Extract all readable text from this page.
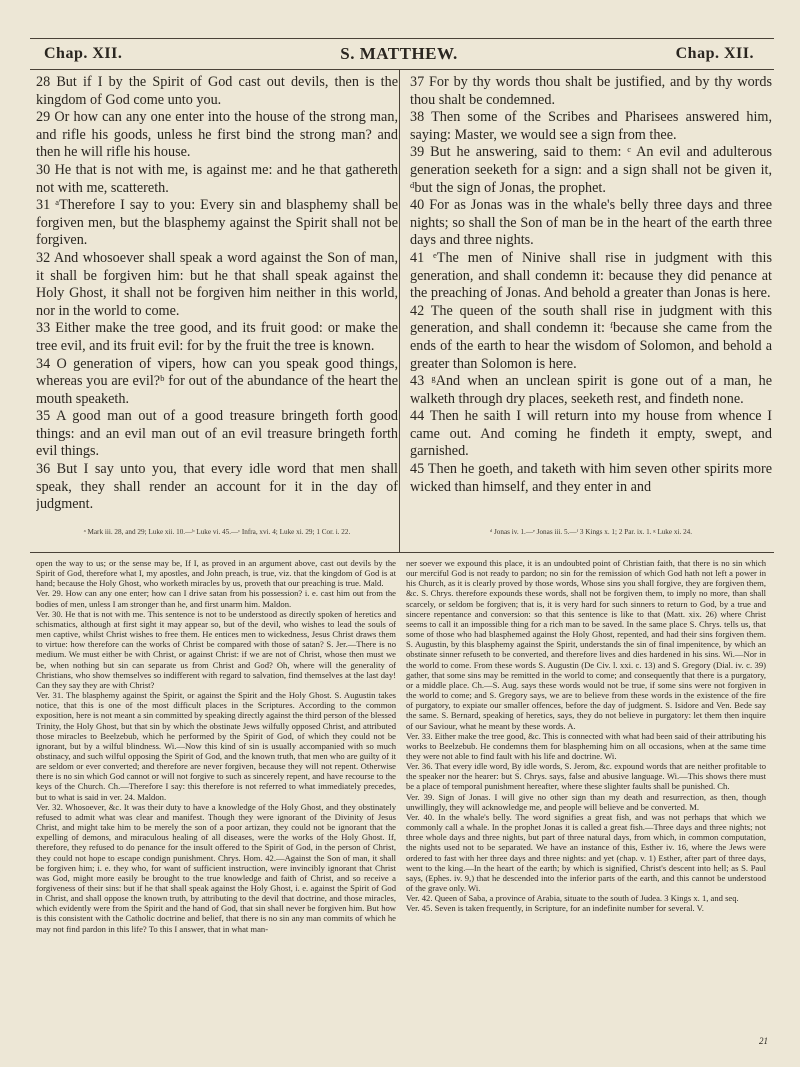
Chap. XII.	S. MATTHEW.	Chap. XII.

28 But if I by the Spirit of God cast out devils, then is the kingdom of God come unto you.

29 Or how can any one enter into the house of the strong man, and rifle his goods, unless he first bind the strong man? and then he will rifle his house.

30 He that is not with me, is against me: and he that gathereth not with me, scattereth.

31 ᵃTherefore I say to you: Every sin and blasphemy shall be forgiven men, but the blasphemy against the Spirit shall not be forgiven.

32 And whosoever shall speak a word against the Son of man, it shall be forgiven him: but he that shall speak against the Holy Ghost, it shall not be forgiven him neither in this world, nor in the world to come.

33 Either make the tree good, and its fruit good: or make the tree evil, and its fruit evil: for by the fruit the tree is known.

34 O generation of vipers, how can you speak good things, whereas you are evil?ᵇ for out of the abundance of the heart the mouth speaketh.

35 A good man out of a good treasure bringeth forth good things: and an evil man out of an evil treasure bringeth forth evil things.

36 But I say unto you, that every idle word that men shall speak, they shall render an account for it in the day of judgment.

37 For by thy words thou shalt be justified, and by thy words thou shalt be condemned.

38 Then some of the Scribes and Pharisees answered him, saying: Master, we would see a sign from thee.

39 But he answering, said to them: ᶜ An evil and adulterous generation seeketh for a sign: and a sign shall not be given it, ᵈbut the sign of Jonas, the prophet.

40 For as Jonas was in the whale's belly three days and three nights; so shall the Son of man be in the heart of the earth three days and three nights.

41 ᵉThe men of Ninive shall rise in judgment with this generation, and shall condemn it: because they did penance at the preaching of Jonas. And behold a greater than Jonas is here.

42 The queen of the south shall rise in judgment with this generation, and shall condemn it: ᶠbecause she came from the ends of the earth to hear the wisdom of Solomon, and behold a greater than Solomon is here.

43 ᵍAnd when an unclean spirit is gone out of a man, he walketh through dry places, seeketh rest, and findeth none.

44 Then he saith I will return into my house from whence I came out. And coming he findeth it empty, swept, and garnished.

45 Then he goeth, and taketh with him seven other spirits more wicked than himself, and they enter in and

ᵃ Mark iii. 28, and 29; Luke xii. 10.—ᵇ Luke vi. 45.—ᶜ Infra, xvi. 4; Luke xi. 29; 1 Cor. i. 22.	ᵈ Jonas iv. 1.—ᵉ Jonas iii. 5.—ᶠ 3 Kings x. 1; 2 Par. ix. 1. ᵍ Luke xi. 24.

open the way to us; or the sense may be, If I, as proved in an argument above, cast out devils by the Spirit of God, therefore what I, my apostles, and John preach, is true, viz. that the kingdom of God is at hand; because the Holy Ghost, who worketh miracles by us, proveth that our preaching is true. Mald.

Ver. 29. How can any one enter; how can I drive satan from his possession? i. e. cast him out from the bodies of men, unless I am stronger than he, and first unarm him. Maldon.

Ver. 30. He that is not with me. This sentence is not to be understood as directly spoken of heretics and schismatics, although at first sight it may appear so, but of the devil, who wishes to lead the souls of men captive, whilst Christ wishes to free them. He entices men to wickedness, Jesus Christ draws them to virtue: how therefore can the works of Christ be compared with those of satan? S. Jer.—There is no medium. We must either be with Christ, or against Christ: if we are not of Christ, whose then must we be, when nothing but sin can separate us from Christ and God? Oh, where will the generality of Christians, who show themselves so indifferent with regard to salvation, find themselves at the last day! Can they say they are with Christ?

Ver. 31. The blasphemy against the Spirit, or against the Spirit and the Holy Ghost. S. Augustin takes notice, that this is one of the most difficult places in the Scriptures. According to the common exposition, here is not meant a sin committed by speaking directly against the third person of the blessed Trinity, the Holy Ghost, but that sin by which the obstinate Jews wilfully opposed Christ, and attributed those miracles to Beelzebub, which he performed by the Spirit of God, of which they could not be ignorant, but by a wilful blindness. Wi.—Now this kind of sin is usually accompanied with so much obstinacy, and such wilful opposing the Spirit of God, and the known truth, that men who are guilty of it are seldom or ever converted; and therefore are never forgiven, because they will not repent. Otherwise there is no sin which God cannot or will not forgive to such as sincerely repent, and have recourse to the keys of the Church. Ch.—Therefore I say: this therefore is not referred to what immediately precedes, but to what is said in ver. 24. Maldon.

Ver. 32. Whosoever, &c. It was their duty to have a knowledge of the Holy Ghost, and they obstinately refused to admit what was clear and manifest. Though they were ignorant of the Divinity of Jesus Christ, and might take him to be merely the son of a poor artizan, they could not be ignorant that the expelling of demons, and miraculous healing of all diseases, were the works of the Holy Ghost. If, therefore, they refused to do penance for the insult offered to the Spirit of God, in the person of Christ, they could not hope to escape condign punishment. Chrys. Hom. 42.—Against the Son of man, it shall be forgiven him; i. e. they who, for want of sufficient instruction, were invincibly ignorant that Christ was God, might more easily be brought to the true knowledge and faith of Christ, and so receive a forgiveness of their sins: but if he that shall speak against the Holy Ghost, i. e. against the Spirit of God in Christ, and shall oppose the known truth, by attributing to the devil that doctrine, and those miracles, which evidently were from the Spirit and the hand of God, that sin shall never be forgiven him. But how is this consistent with the Catholic doctrine and belief, that there is no sin any man commits of which he may not find pardon in this life? To this I answer, that in what man-

ner soever we expound this place, it is an undoubted point of Christian faith, that there is no sin which our merciful God is not ready to pardon; no sin for the remission of which God hath not left a power in his Church, as it is clearly proved by those words, Whose sins you shall forgive, they are forgiven them, &c. S. Chrys. therefore expounds these words, shall not be forgiven them, to imply no more, than shall scarcely, or seldom be forgiven; that is, it is very hard for such sinners to return to God, by a true and sincere repentance and conversion: so that this sentence is like to that (Matt. xix. 26) where Christ seems to call it an impossible thing for a rich man to be saved. In the same place S. Chrys. tells us, that some of those who had blasphemed against the Holy Ghost, repented, and had their sins forgiven them. S. Augustin, by this blasphemy against the Spirit, understands the sin of final impenitence, by which an obstinate sinner refuseth to be converted, and therefore lives and dies hardened in his sins. Wi.—Nor in the world to come. From these words S. Augustin (De Civ. l. xxi. c. 13) and S. Gregory (Dial. iv. c. 39) gather, that some sins may be remitted in the world to come; and consequently that there is a purgatory, or a middle place. Ch.—S. Aug. says these words would not be true, if some sins were not forgiven in the world to come; and S. Gregory says, we are to believe from these words in the existence of the fire of purgatory, to expiate our smaller offences, before the day of judgment. S. Isidore and Ven. Bede say the same. S. Bernard, speaking of heretics, says, they do not believe in purgatory: let them then inquire of our Saviour, what he meant by these words. A.

Ver. 33. Either make the tree good, &c. This is connected with what had been said of their attributing his works to Beelzebub. He condemns them for blaspheming him on all occasions, when at the same time they were not able to find fault with his life and doctrine. Wi.

Ver. 36. That every idle word, By idle words, S. Jerom, &c. expound words that are neither profitable to the speaker nor the hearer: but S. Chrys. says, false and abusive language. Wi.—This shows there must be a place of temporal punishment hereafter, where these slighter faults shall be punished. Ch.

Ver. 39. Sign of Jonas. I will give no other sign than my death and resurrection, as then, though unwillingly, they will acknowledge me, and people will believe and be converted. M.

Ver. 40. In the whale's belly. The word signifies a great fish, and was not perhaps that which we commonly call a whale. In the prophet Jonas it is called a great fish.—Three days and three nights; not three whole days and three nights, but part of three natural days, from which, in common computation, the nights used not to be separated. We have an instance of this, Esther iv. 16, where the Jews were ordered to fast with her three days and three nights: and yet (chap. v. 1) Esther, after part of three days, went to the king.—In the heart of the earth; by which is signified, Christ's descent into hell; as S. Paul says, (Ephes. iv. 9,) that he descended into the inferior parts of the earth, and this cannot be understood of the grave only. Wi.

Ver. 42. Queen of Saba, a province of Arabia, situate to the south of Judea. 3 Kings x. 1, and seq.

Ver. 45. Seven is taken frequently, in Scripture, for an indefinite number for several. V.

21
